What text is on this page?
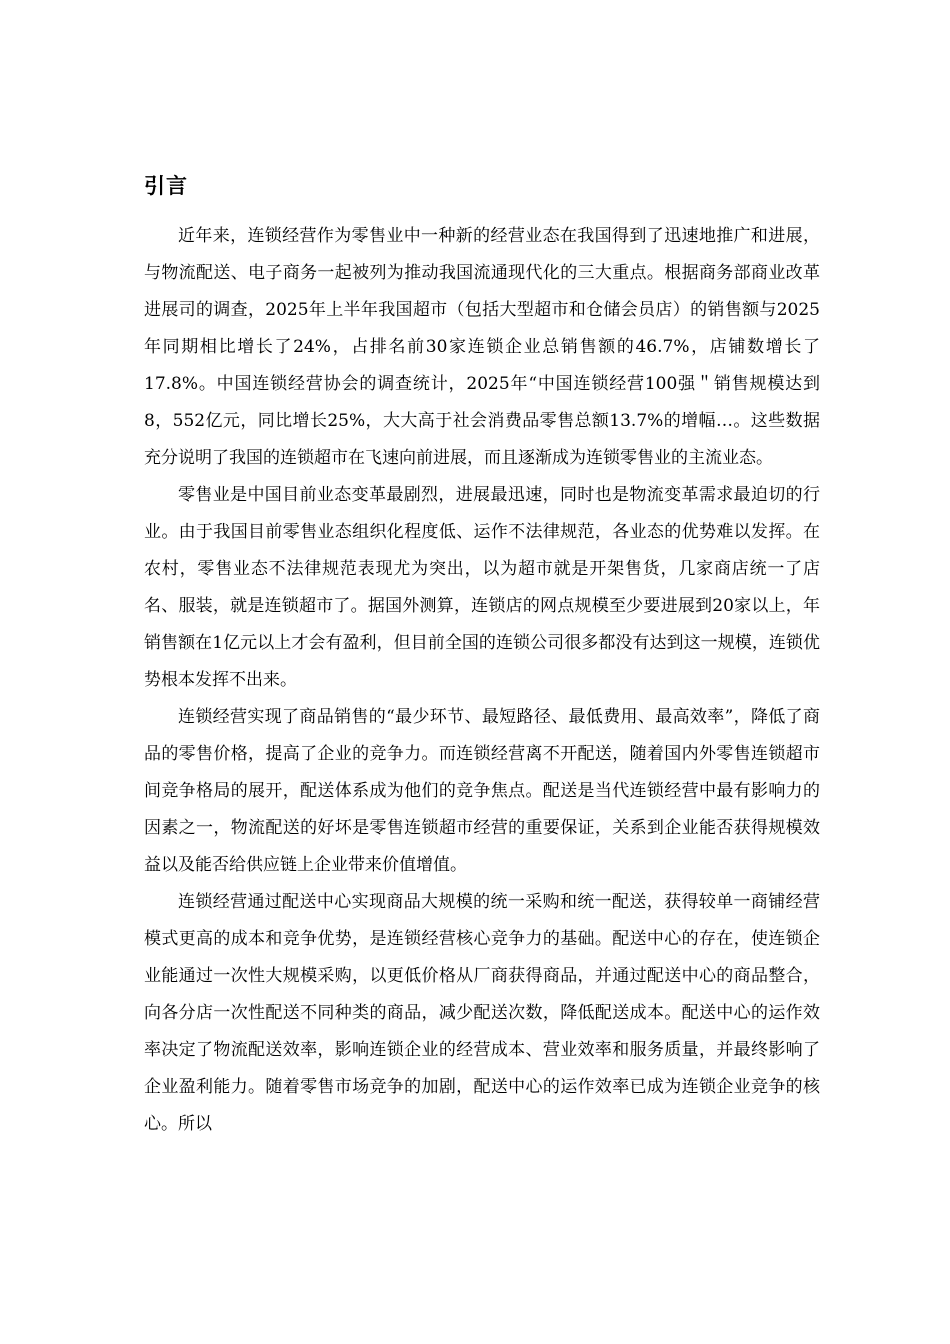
引言

近年来，连锁经营作为零售业中一种新的经营业态在我国得到了迅速地推广和进展，与物流配送、电子商务一起被列为推动我国流通现代化的三大重点。根据商务部商业改革进展司的调查，2025年上半年我国超市（包括大型超市和仓储会员店）的销售额与2025年同期相比增长了24%，占排名前30家连锁企业总销售额的46.7%，店铺数增长了17.8%。中国连锁经营协会的调查统计，2025年“中国连锁经营100强＂销售规模达到8，552亿元，同比增长25%，大大高于社会消费品零售总额13.7%的增幅…。这些数据充分说明了我国的连锁超市在飞速向前进展，而且逐渐成为连锁零售业的主流业态。

零售业是中国目前业态变革最剧烈，进展最迅速，同时也是物流变革需求最迫切的行业。由于我国目前零售业态组织化程度低、运作不法律规范，各业态的优势难以发挥。在农村，零售业态不法律规范表现尤为突出，以为超市就是开架售货，几家商店统一了店名、服装，就是连锁超市了。据国外测算，连锁店的网点规模至少要进展到20家以上，年销售额在1亿元以上才会有盈利，但目前全国的连锁公司很多都没有达到这一规模，连锁优势根本发挥不出来。

连锁经营实现了商品销售的“最少环节、最短路径、最低费用、最高效率”，降低了商品的零售价格，提高了企业的竞争力。而连锁经营离不开配送，随着国内外零售连锁超市间竞争格局的展开，配送体系成为他们的竞争焦点。配送是当代连锁经营中最有影响力的因素之一，物流配送的好坏是零售连锁超市经营的重要保证，关系到企业能否获得规模效益以及能否给供应链上企业带来价值增值。

连锁经营通过配送中心实现商品大规模的统一采购和统一配送，获得较单一商铺经营模式更高的成本和竞争优势，是连锁经营核心竞争力的基础。配送中心的存在，使连锁企业能通过一次性大规模采购，以更低价格从厂商获得商品，并通过配送中心的商品整合，向各分店一次性配送不同种类的商品，减少配送次数，降低配送成本。配送中心的运作效率决定了物流配送效率，影响连锁企业的经营成本、营业效率和服务质量，并最终影响了企业盈利能力。随着零售市场竞争的加剧，配送中心的运作效率已成为连锁企业竞争的核心。所以
